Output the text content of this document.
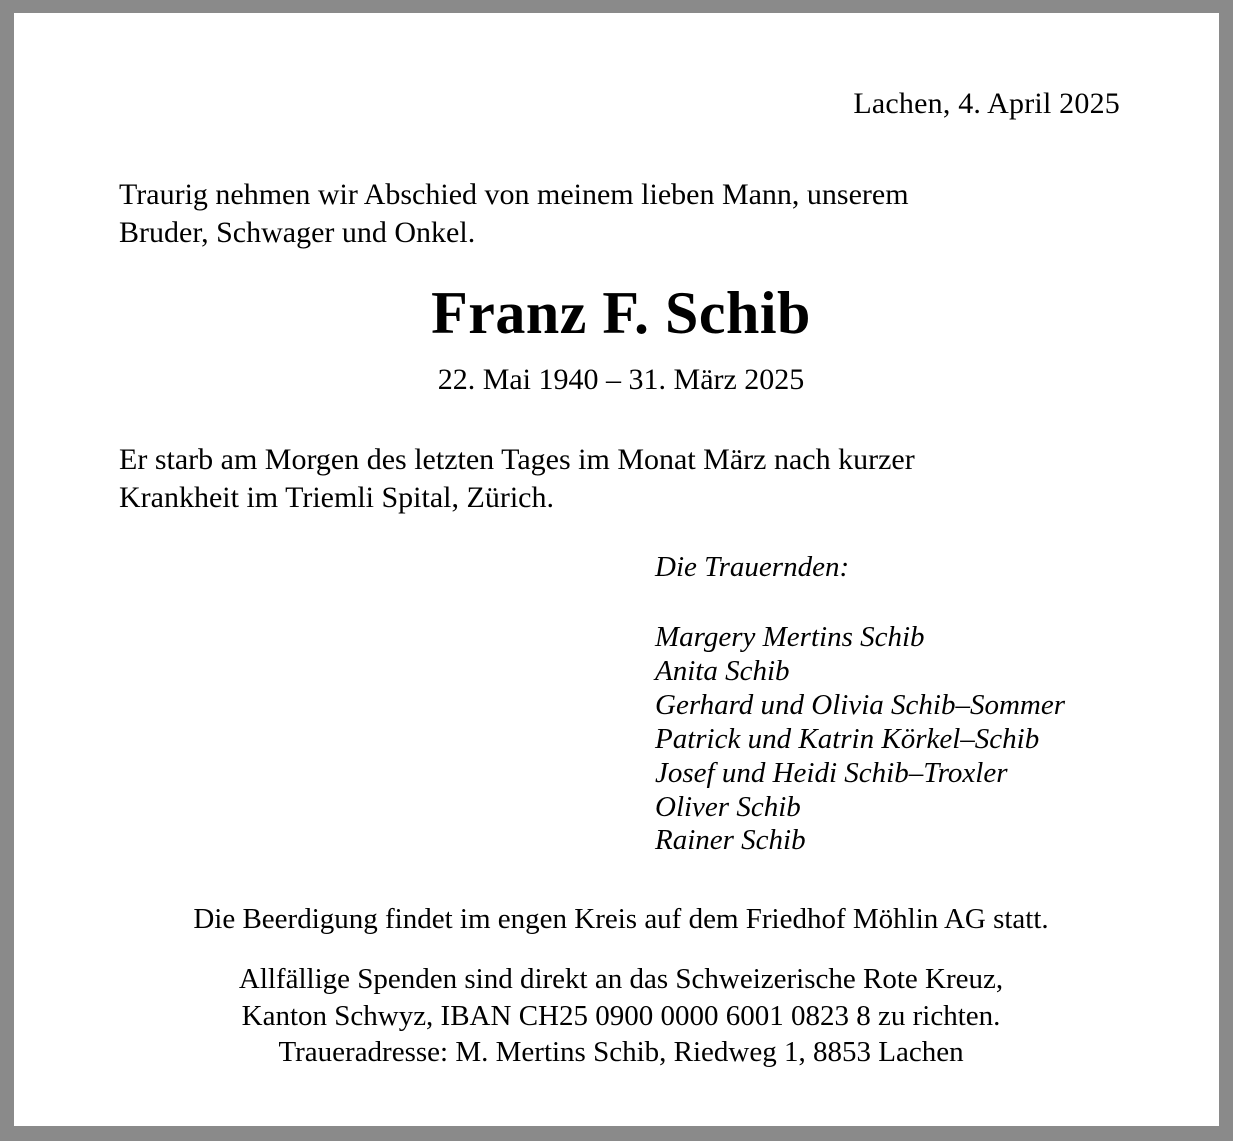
Lachen, 4. April 2025
Traurig nehmen wir Abschied von meinem lieben Mann, unserem
Bruder, Schwager und Onkel.
Franz F. Schib
22. Mai 1940 – 31. März 2025
Er starb am Morgen des letzten Tages im Monat März nach kurzer
Krankheit im Triemli Spital, Zürich.
Die Trauernden:
Margery Mertins Schib
Anita Schib
Gerhard und Olivia Schib–Sommer
Patrick und Katrin Körkel–Schib
Josef und Heidi Schib–Troxler
Oliver Schib
Rainer Schib
Die Beerdigung findet im engen Kreis auf dem Friedhof Möhlin AG statt.
Allfällige Spenden sind direkt an das Schweizerische Rote Kreuz,
Kanton Schwyz, IBAN CH25 0900 0000 6001 0823 8 zu richten.
Traueradresse: M. Mertins Schib, Riedweg 1, 8853 Lachen
